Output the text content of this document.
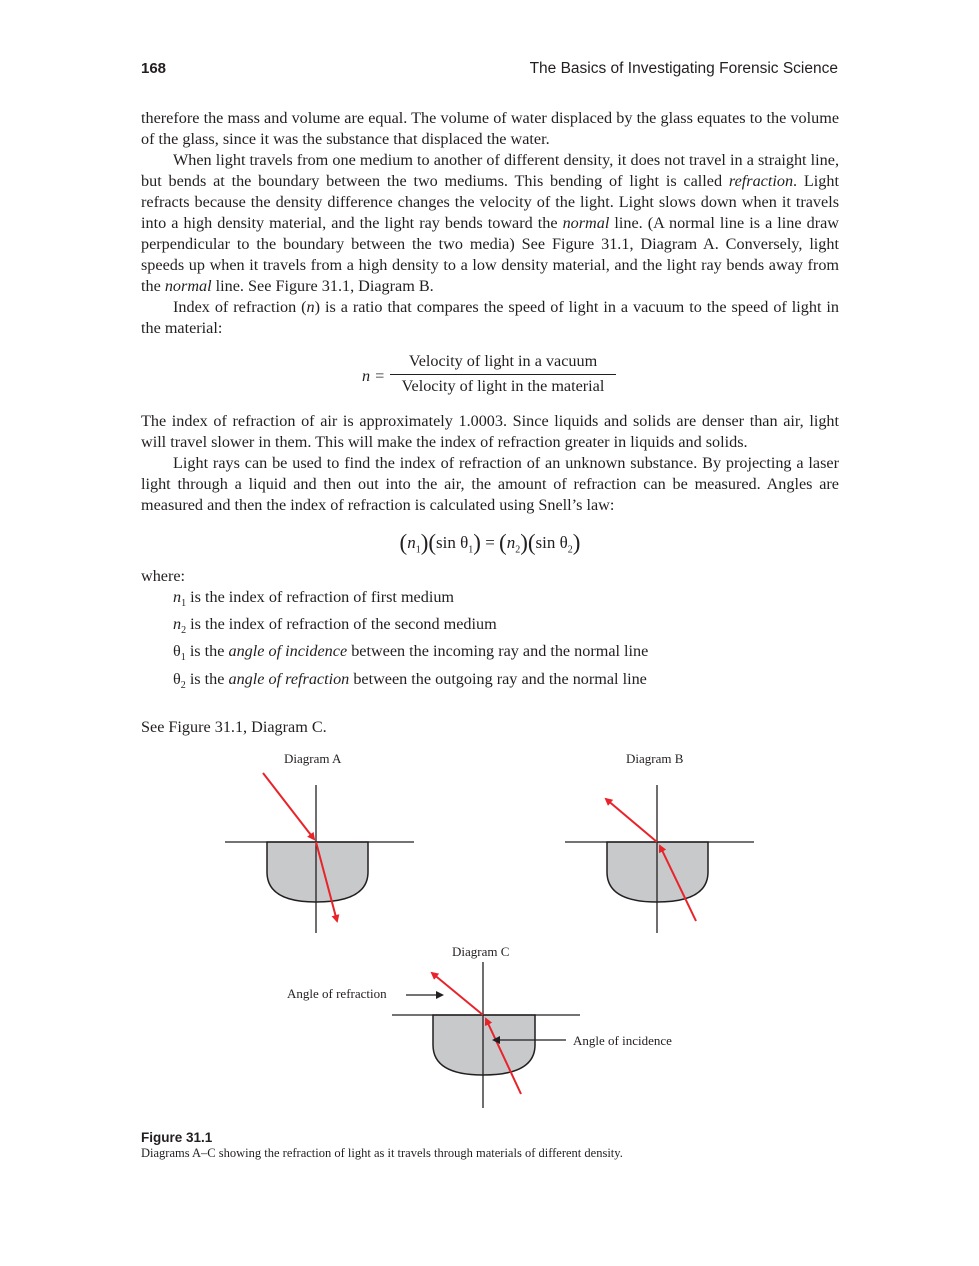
168	The Basics of Investigating Forensic Science

therefore the mass and volume are equal. The volume of water displaced by the glass equates to the volume of the glass, since it was the substance that displaced the water.

When light travels from one medium to another of different density, it does not travel in a straight line, but bends at the boundary between the two mediums. This bending of light is called refraction. Light refracts because the density difference changes the velocity of the light. Light slows down when it travels into a high density material, and the light ray bends toward the normal line. (A normal line is a line draw perpendicular to the boundary between the two media) See Figure 31.1, Diagram A. Conversely, light speeds up when it travels from a high density to a low density material, and the light ray bends away from the normal line. See Figure 31.1, Diagram B.

Index of refraction (n) is a ratio that compares the speed of light in a vacuum to the speed of light in the material:

n =
Velocity of light in a vacuum
Velocity of light in the material

The index of refraction of air is approximately 1.0003. Since liquids and solids are denser than air, light will travel slower in them. This will make the index of refraction greater in liquids and solids.

Light rays can be used to find the index of refraction of an unknown substance. By projecting a laser light through a liquid and then out into the air, the amount of refraction can be measured. Angles are measured and then the index of refraction is calculated using Snell’s law:

$(n_1)(\sin$ $\theta_1) = (n_2)(\sin$ $\theta_2$)

where:

$n_1$ is the index of refraction of first medium
$n_2$ is the index of refraction of the second medium
$\theta_1$ is the angle of incidence between the incoming ray and the normal line
$\theta_2$ is the angle of refraction between the outgoing ray and the normal line

See Figure 31.1, Diagram C.

Diagram A	Diagram B
Diagram C
Angle of refraction
Angle of incidence
Figure 31.1
Diagrams A–C showing the refraction of light as it travels through materials of different density.
